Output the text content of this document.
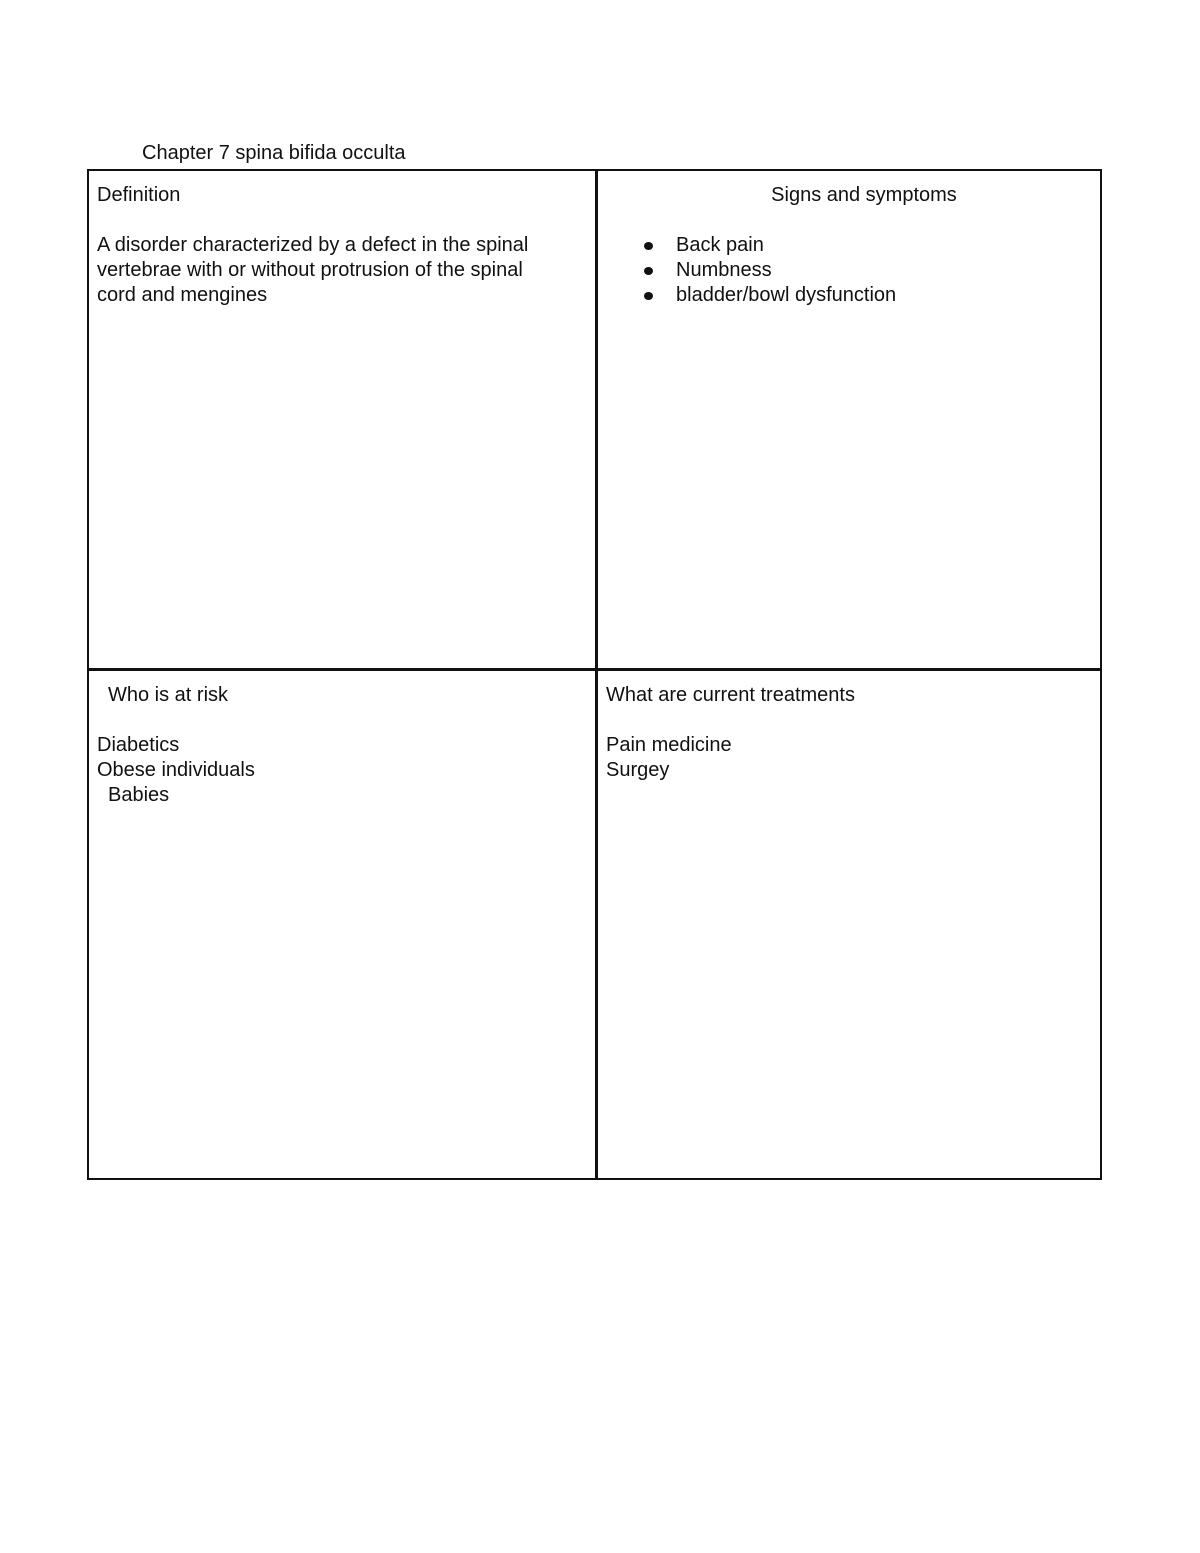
Chapter 7 spina bifida occulta
Definition
A disorder characterized by a defect in the spinal
vertebrae with or without protrusion of the spinal
cord and mengines
Signs and symptoms
Back pain
Numbness
bladder/bowl dysfunction
Who is at risk
Diabetics
Obese individuals
Babies
What are current treatments
Pain medicine
Surgey
